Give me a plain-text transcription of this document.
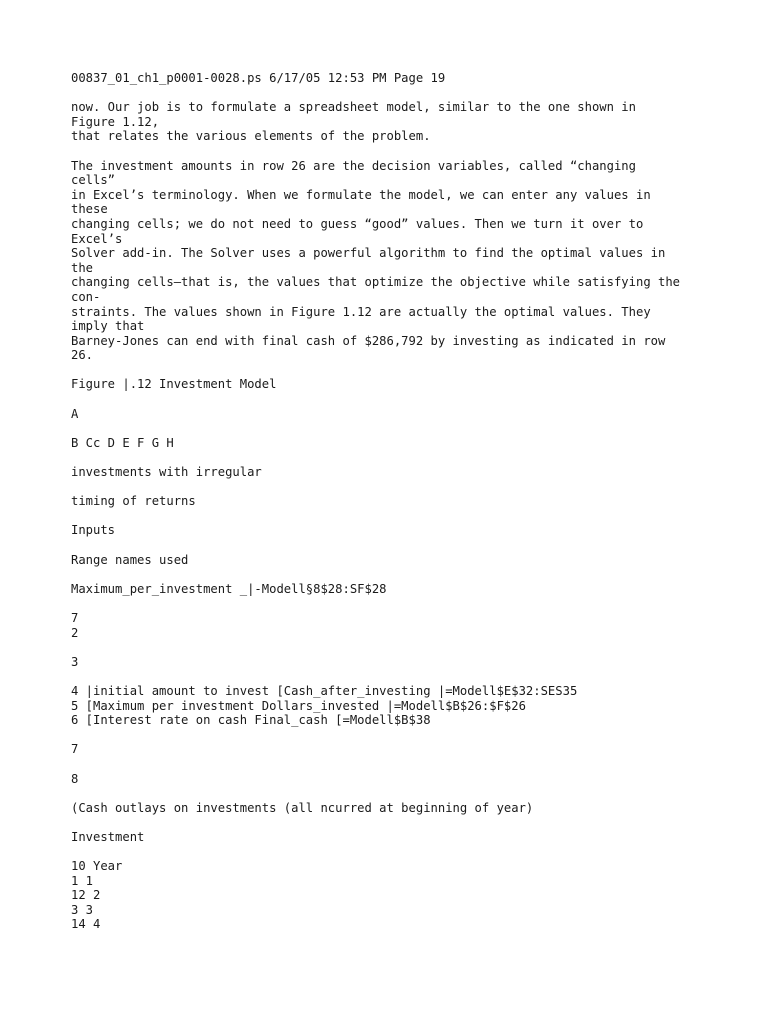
00837_01_ch1_p0001-0028.ps 6/17/05 12:53 PM Page 19
now. Our job is to formulate a spreadsheet model, similar to the one shown in
Figure 1.12,
that relates the various elements of the problem.
The investment amounts in row 26 are the decision variables, called “changing
cells”
in Excel’s terminology. When we formulate the model, we can enter any values in
these
changing cells; we do not need to guess “good” values. Then we turn it over to
Excel’s
Solver add-in. The Solver uses a powerful algorithm to find the optimal values in
the
changing cells—that is, the values that optimize the objective while satisfying the
con-
straints. The values shown in Figure 1.12 are actually the optimal values. They
imply that
Barney-Jones can end with final cash of $286,792 by investing as indicated in row
26.
Figure |.12 Investment Model
A
B Cc D E F G H
investments with irregular
timing of returns
Inputs
Range names used
Maximum_per_investment _|-Modell§8$28:SF$28
7
2
3
4 |initial amount to invest [Cash_after_investing |=Modell$E$32:SES35
5 [Maximum per investment Dollars_invested |=Modell$B$26:$F$26
6 [Interest rate on cash Final_cash [=Modell$B$38
7
8
(Cash outlays on investments (all ncurred at beginning of year)
Investment
10 Year
1 1
12 2
3 3
14 4
